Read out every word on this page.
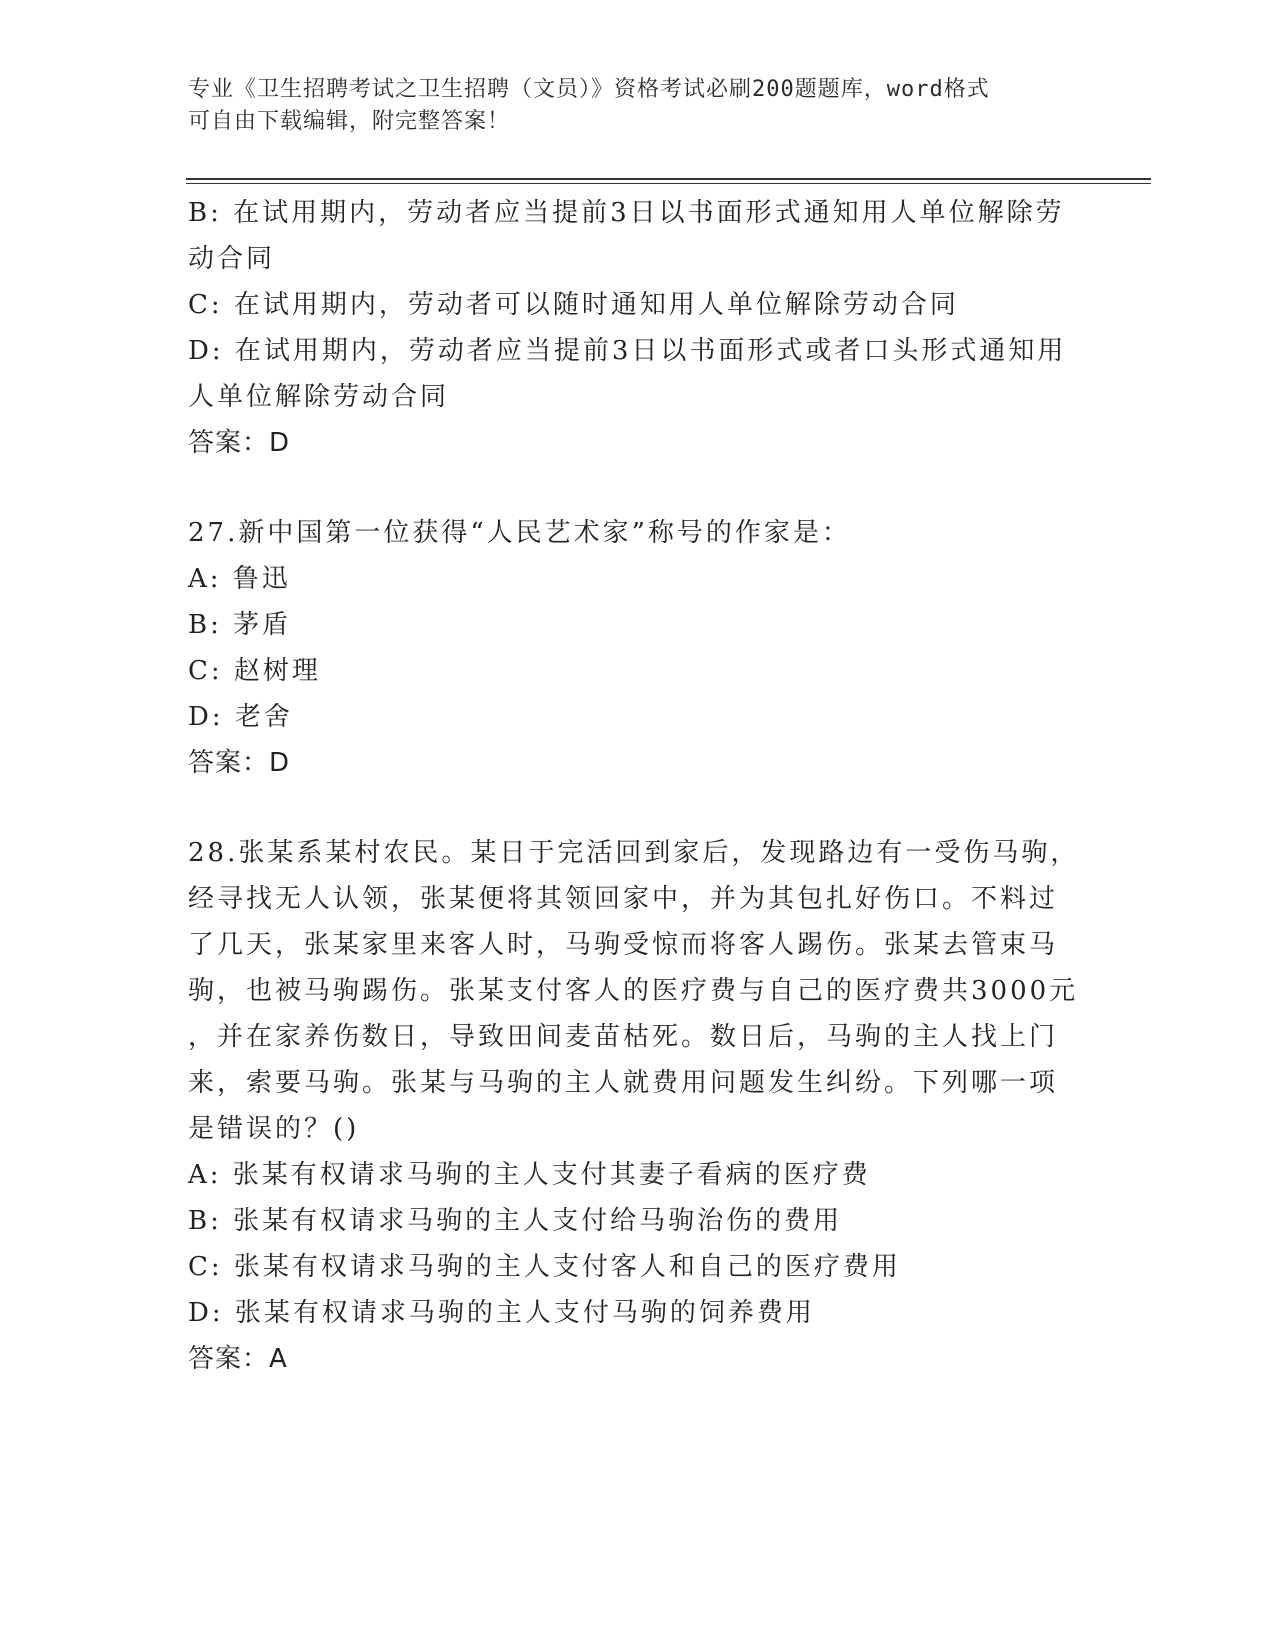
专业《卫生招聘考试之卫生招聘（文员）》资格考试必刷200题题库，word格式
可自由下载编辑，附完整答案！
B: 在试用期内，劳动者应当提前3日以书面形式通知用人单位解除劳
动合同
C: 在试用期内，劳动者可以随时通知用人单位解除劳动合同
D: 在试用期内，劳动者应当提前3日以书面形式或者口头形式通知用
人单位解除劳动合同
答案：D
27.新中国第一位获得“人民艺术家”称号的作家是：
A: 鲁迅
B: 茅盾
C: 赵树理
D: 老舍
答案：D
28.张某系某村农民。某日于完活回到家后，发现路边有一受伤马驹，
经寻找无人认领，张某便将其领回家中，并为其包扎好伤口。不料过
了几天，张某家里来客人时，马驹受惊而将客人踢伤。张某去管束马
驹，也被马驹踢伤。张某支付客人的医疗费与自己的医疗费共3000元
，并在家养伤数日，导致田间麦苗枯死。数日后，马驹的主人找上门
来，索要马驹。张某与马驹的主人就费用问题发生纠纷。下列哪一项
是错误的？()
A: 张某有权请求马驹的主人支付其妻子看病的医疗费
B: 张某有权请求马驹的主人支付给马驹治伤的费用
C: 张某有权请求马驹的主人支付客人和自己的医疗费用
D: 张某有权请求马驹的主人支付马驹的饲养费用
答案：A
